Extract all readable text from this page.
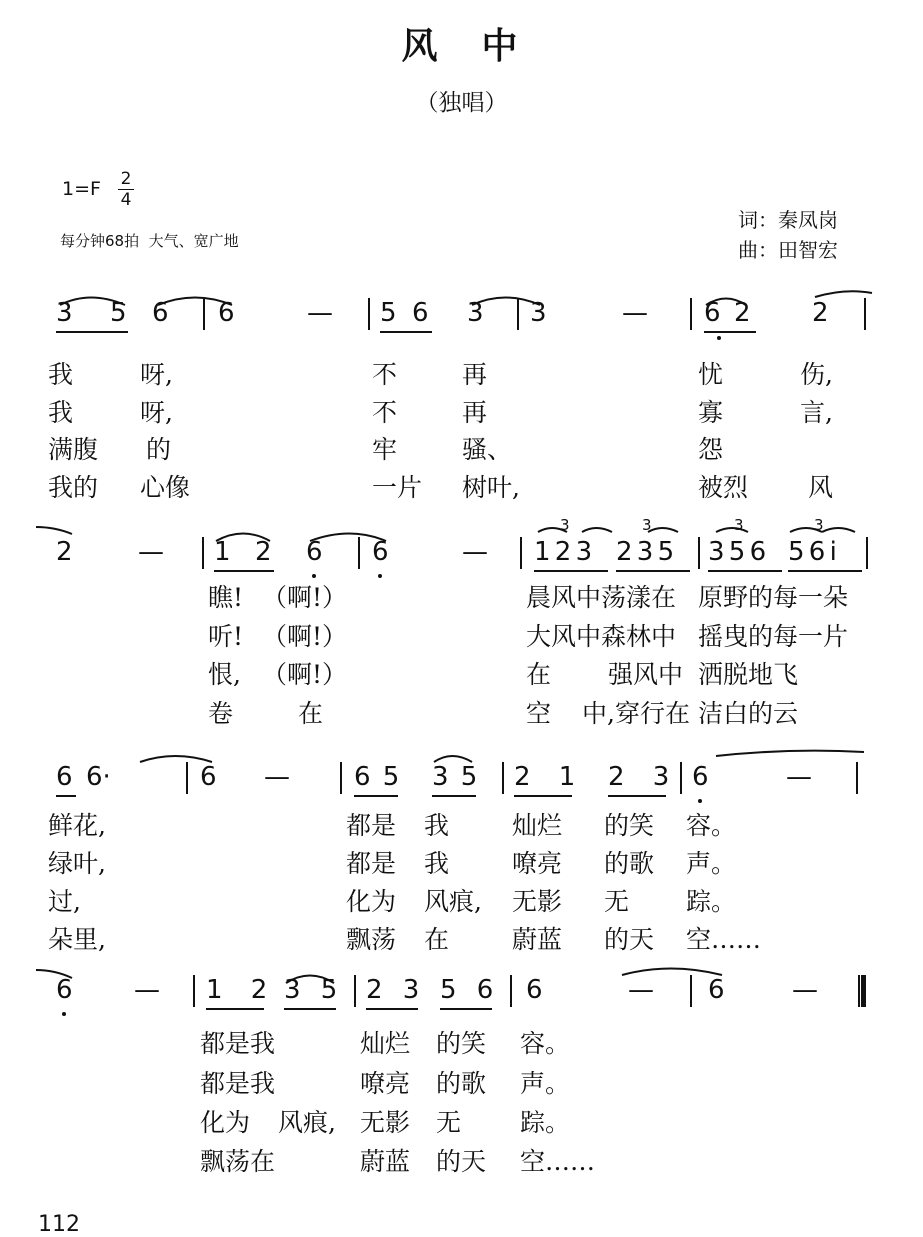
风　中
（独唱）
1=F 2
4
每分钟68拍  大气、宽广地
词：秦凤岗
曲：田智宏
3 5 6 6	— 5 6 3 3	— 6 2 2
我	呀,	不	再	忧	伤,
我	呀,	不	再	寡	言,
满腹 的	牢	骚、	怨
我的 心像	一片 树叶,	被烈 风
2	— 1 2 6 6	— 1 2 3 2 3 5 3 5 6 5 6 i
3	3	3	3
瞧! （啊!）	晨风中荡漾在 原野的每一朵
听! （啊!）	大风中森林中 摇曳的每一片
恨, （啊!）	在 强风中 洒脱地飞
卷	在	空 中,穿行在 洁白的云
6 6·	6 — 6 5 3 5 2 1 2 3 6	—
鲜花,	都是 我	灿烂 的笑 容。
绿叶,	都是 我	嘹亮 的歌 声。
过,	化为 风痕, 无影 无 踪。
朵里,	飘荡 在	蔚蓝 的天 空……
6 — 1 2 3 5 2 3 5 6 6	— 6	—
都是我	灿烂 的笑 容。
都是我	嘹亮 的歌 声。
化为 风痕, 无影 无 踪。
飘荡在	蔚蓝 的天 空……
112
